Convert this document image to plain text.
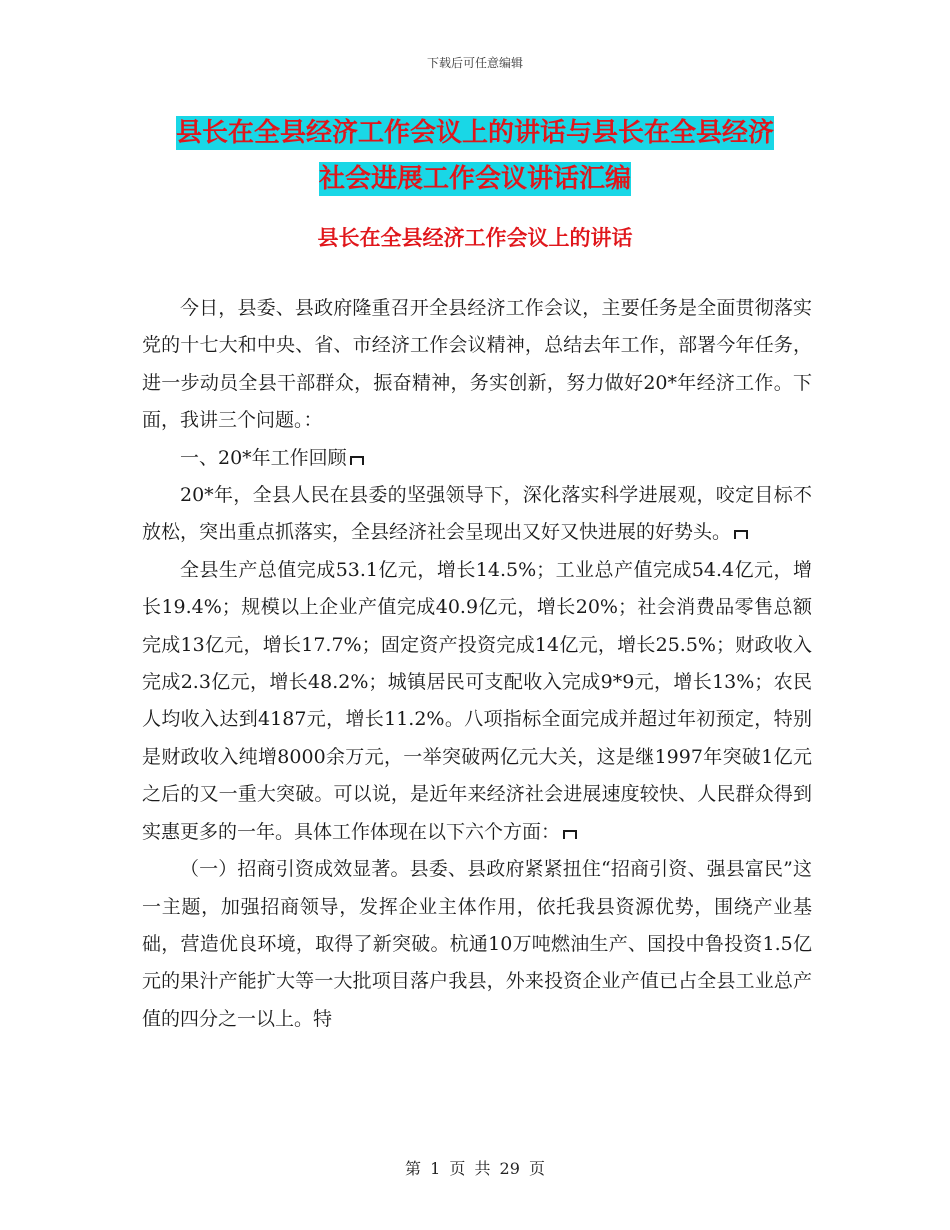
下载后可任意编辑
县长在全县经济工作会议上的讲话与县长在全县经济
社会进展工作会议讲话汇编
县长在全县经济工作会议上的讲话

今日，县委、县政府隆重召开全县经济工作会议，主要任务是全面贯彻落实党的十七大和中央、省、市经济工作会议精神，总结去年工作，部署今年任务，进一步动员全县干部群众，振奋精神，务实创新，努力做好20*年经济工作。下面，我讲三个问题。：

一、20*年工作回顾

20*年，全县人民在县委的坚强领导下，深化落实科学进展观，咬定目标不放松，突出重点抓落实，全县经济社会呈现出又好又快进展的好势头。

全县生产总值完成53.1亿元，增长14.5%；工业总产值完成54.4亿元，增长19.4%；规模以上企业产值完成40.9亿元，增长20%；社会消费品零售总额完成13亿元，增长17.7%；固定资产投资完成14亿元，增长25.5%；财政收入完成2.3亿元，增长48.2%；城镇居民可支配收入完成9*9元，增长13%；农民人均收入达到4187元，增长11.2%。八项指标全面完成并超过年初预定，特别是财政收入纯增8000余万元，一举突破两亿元大关，这是继1997年突破1亿元之后的又一重大突破。可以说，是近年来经济社会进展速度较快、人民群众得到实惠更多的一年。具体工作体现在以下六个方面：

（一）招商引资成效显著。县委、县政府紧紧扭住“招商引资、强县富民”这一主题，加强招商领导，发挥企业主体作用，依托我县资源优势，围绕产业基础，营造优良环境，取得了新突破。杭通10万吨燃油生产、国投中鲁投资1.5亿元的果汁产能扩大等一大批项目落户我县，外来投资企业产值已占全县工业总产值的四分之一以上。特

第 1 页 共 29 页
